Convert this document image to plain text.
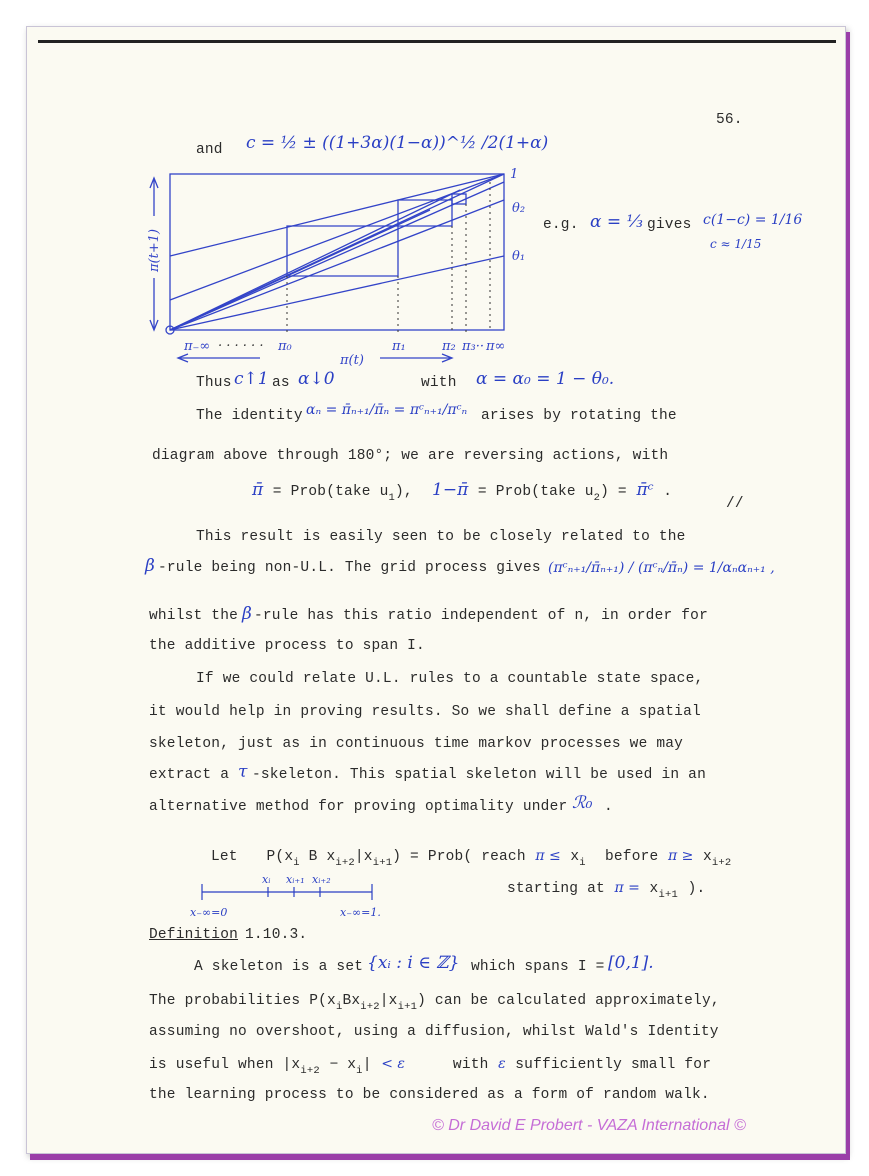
56.
and c = ½ ± ((1+3α)(1−α))^½ /2(1+α)
1
θ₂
θ₁
π(t+1)
π(t)
π₋∞ . . . . . . π₀	π₁	π₂ π₃·· π∞
e.g. α = ⅓ gives c(1−c) = 1/16
c ≈ 1/15
Thus c↑1 as α↓0	with α = α₀ = 1 − θ₀.
The identity αₙ = π̄ₙ₊₁/π̄ₙ = πᶜₙ₊₁/πᶜₙ arises by rotating the
diagram above through 180°; we are reversing actions, with
π̄ = Prob(take $u_1$), 1−π̄ = Prob(take $u_2$) = π̄ᶜ .
//
This result is easily seen to be closely related to the
β -rule being non-U.L. The grid process gives (πᶜₙ₊₁/π̄ₙ₊₁) / (πᶜₙ/π̄ₙ) = 1/αₙαₙ₊₁ ,
whilst the β -rule has this ratio independent of n, in order for
the additive process to span I.
If we could relate U.L. rules to a countable state space,
it would help in proving results. So we shall define a spatial
skeleton, just as in continuous time markov processes we may
extract a τ -skeleton. This spatial skeleton will be used in an
alternative method for proving optimality under ℛ₀ .
Let $P(x_i$ B $x_{i+2}|x_{i+1}$) = Prob( reach $\pi \le x_i$ before $\pi \ge x_{i+2}$
starting at $\pi = x_{i+1}$ ).
xᵢ xᵢ₊₁ xᵢ₊₂
x₋∞=0	x₋∞=1.
Definition 1.10.3.
A skeleton is a set {xᵢ : i ∈ ℤ} which spans I = [0,1].
The probabilities $P(x_iBx_{i+2}|x_{i+1})$ can be calculated approximately,
assuming no overshoot, using a diffusion, whilst Wald's Identity
is useful when $|x_{i+2} - x_i| < \varepsilon$	with ε sufficiently small for
the learning process to be considered as a form of random walk.
© Dr David E Probert - VAZA International ©
